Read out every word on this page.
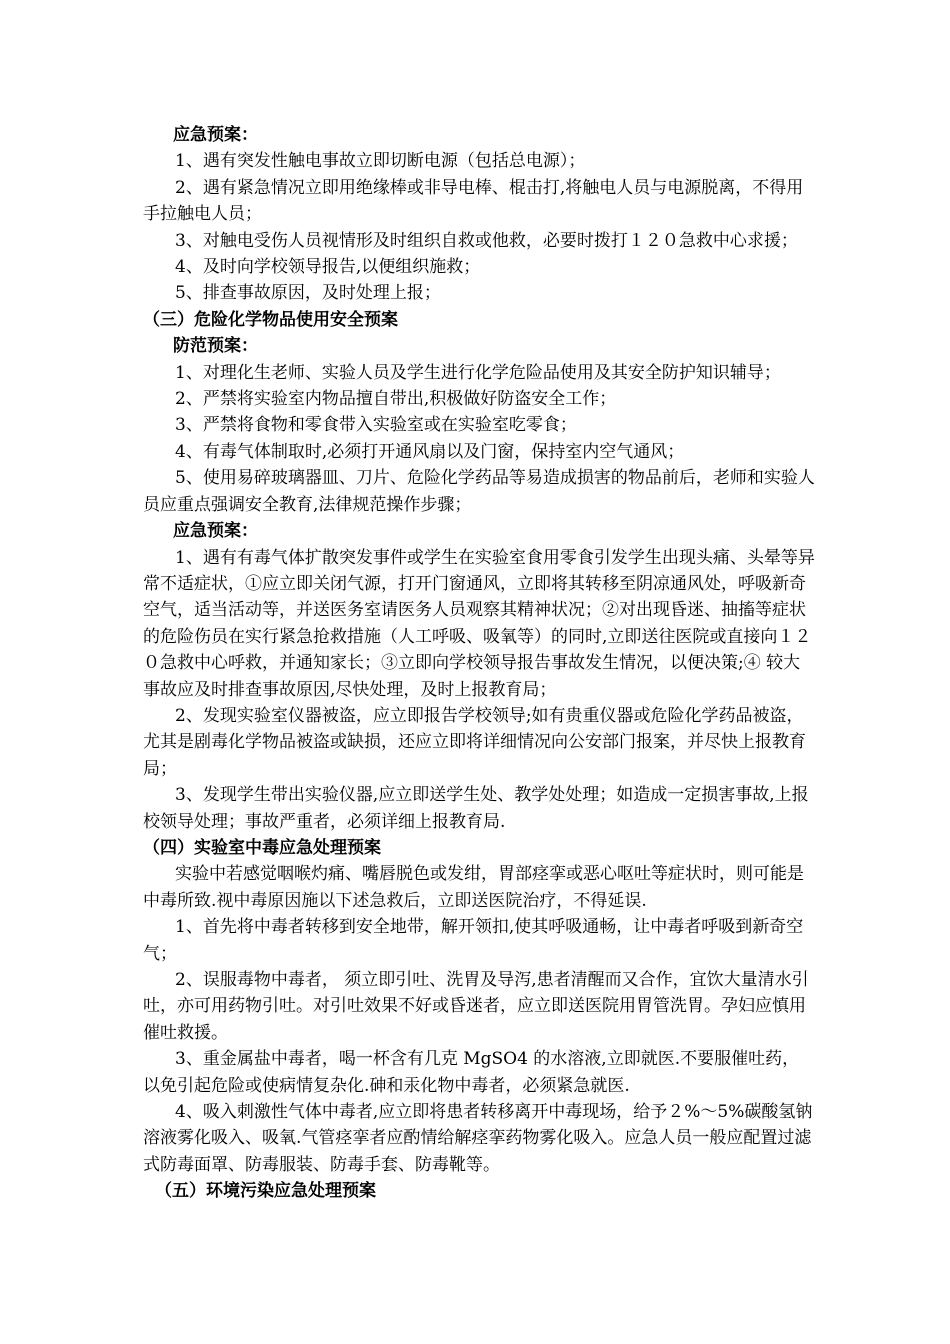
应急预案：

1、遇有突发性触电事故立即切断电源（包括总电源）；

2、遇有紧急情况立即用绝缘棒或非导电棒、棍击打,将触电人员与电源脱离，不得用手拉触电人员；

3、对触电受伤人员视情形及时组织自救或他救，必要时拨打１２０急救中心求援；

4、及时向学校领导报告,以便组织施救；

5、排查事故原因，及时处理上报；

（三）危险化学物品使用安全预案

防范预案：

1、对理化生老师、实验人员及学生进行化学危险品使用及其安全防护知识辅导；

2、严禁将实验室内物品擅自带出,积极做好防盗安全工作；

3、严禁将食物和零食带入实验室或在实验室吃零食；

4、有毒气体制取时,必须打开通风扇以及门窗，保持室内空气通风；

5、使用易碎玻璃器皿、刀片、危险化学药品等易造成损害的物品前后，老师和实验人员应重点强调安全教育,法律规范操作步骤；

应急预案：

1、遇有有毒气体扩散突发事件或学生在实验室食用零食引发学生出现头痛、头晕等异常不适症状，①应立即关闭气源，打开门窗通风，立即将其转移至阴凉通风处，呼吸新奇空气，适当活动等，并送医务室请医务人员观察其精神状况；②对出现昏迷、抽搐等症状的危险伤员在实行紧急抢救措施（人工呼吸、吸氧等）的同时,立即送往医院或直接向１２０急救中心呼救，并通知家长；③立即向学校领导报告事故发生情况，以便决策;④ 较大事故应及时排查事故原因,尽快处理，及时上报教育局；

2、发现实验室仪器被盗，应立即报告学校领导;如有贵重仪器或危险化学药品被盗，尤其是剧毒化学物品被盗或缺损，还应立即将详细情况向公安部门报案，并尽快上报教育局；

3、发现学生带出实验仪器,应立即送学生处、教学处处理；如造成一定损害事故,上报校领导处理；事故严重者，必须详细上报教育局.

（四）实验室中毒应急处理预案

实验中若感觉咽喉灼痛、嘴唇脱色或发绀，胃部痉挛或恶心呕吐等症状时，则可能是中毒所致.视中毒原因施以下述急救后，立即送医院治疗，不得延误.

1、首先将中毒者转移到安全地带，解开领扣,使其呼吸通畅，让中毒者呼吸到新奇空气；

2、误服毒物中毒者， 须立即引吐、洗胃及导泻,患者清醒而又合作，宜饮大量清水引吐，亦可用药物引吐。对引吐效果不好或昏迷者，应立即送医院用胃管洗胃。孕妇应慎用催吐救援。

3、重金属盐中毒者，喝一杯含有几克 MgSO4 的水溶液,立即就医.不要服催吐药，以免引起危险或使病情复杂化.砷和汞化物中毒者，必须紧急就医.

4、吸入刺激性气体中毒者,应立即将患者转移离开中毒现场，给予２%～5%碳酸氢钠溶液雾化吸入、吸氧.气管痉挛者应酌情给解痉挛药物雾化吸入。应急人员一般应配置过滤式防毒面罩、防毒服装、防毒手套、防毒靴等。

（五）环境污染应急处理预案
